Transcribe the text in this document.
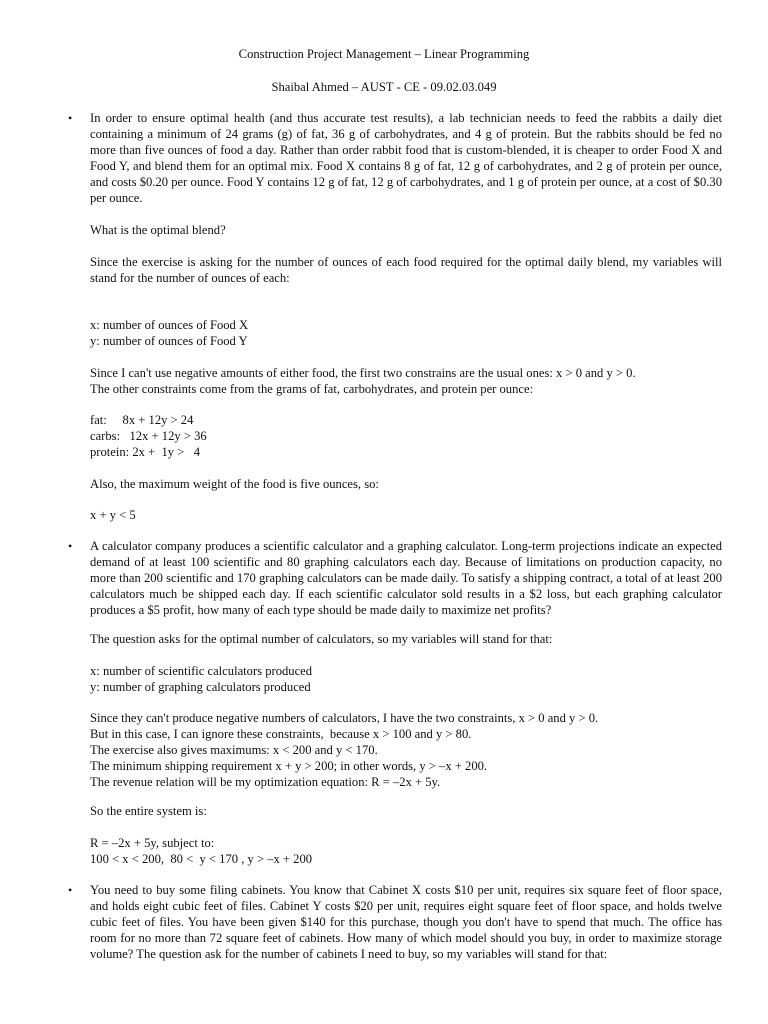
Construction Project Management – Linear Programming
Shaibal Ahmed – AUST - CE - 09.02.03.049
• In order to ensure optimal health (and thus accurate test results), a lab technician needs to feed the rabbits a daily diet containing a minimum of 24 grams (g) of fat, 36 g of carbohydrates, and 4 g of protein. But the rabbits should be fed no more than five ounces of food a day. Rather than order rabbit food that is custom-blended, it is cheaper to order Food X and Food Y, and blend them for an optimal mix. Food X contains 8 g of fat, 12 g of carbohydrates, and 2 g of protein per ounce, and costs $0.20 per ounce. Food Y contains 12 g of fat, 12 g of carbohydrates, and 1 g of protein per ounce, at a cost of $0.30 per ounce.
What is the optimal blend?
Since the exercise is asking for the number of ounces of each food required for the optimal daily blend, my variables will stand for the number of ounces of each:
x: number of ounces of Food X
y: number of ounces of Food Y
Since I can't use negative amounts of either food, the first two constrains are the usual ones: x > 0 and y > 0.
The other constraints come from the grams of fat, carbohydrates, and protein per ounce:
fat:     8x + 12y > 24
carbs:   12x + 12y > 36
protein: 2x +  1y >   4
Also, the maximum weight of the food is five ounces, so:
x + y < 5
• A calculator company produces a scientific calculator and a graphing calculator. Long-term projections indicate an expected demand of at least 100 scientific and 80 graphing calculators each day. Because of limitations on production capacity, no more than 200 scientific and 170 graphing calculators can be made daily. To satisfy a shipping contract, a total of at least 200 calculators much be shipped each day. If each scientific calculator sold results in a $2 loss, but each graphing calculator produces a $5 profit, how many of each type should be made daily to maximize net profits?
The question asks for the optimal number of calculators, so my variables will stand for that:
x: number of scientific calculators produced
y: number of graphing calculators produced
Since they can't produce negative numbers of calculators, I have the two constraints, x > 0 and y > 0.
But in this case, I can ignore these constraints,  because x > 100 and y > 80.
The exercise also gives maximums: x < 200 and y < 170.
The minimum shipping requirement x + y > 200; in other words, y > –x + 200.
The revenue relation will be my optimization equation: R = –2x + 5y.
So the entire system is:
R = –2x + 5y, subject to:
100 < x < 200,  80 <  y < 170 , y > –x + 200
• You need to buy some filing cabinets. You know that Cabinet X costs $10 per unit, requires six square feet of floor space, and holds eight cubic feet of files. Cabinet Y costs $20 per unit, requires eight square feet of floor space, and holds twelve cubic feet of files. You have been given $140 for this purchase, though you don't have to spend that much. The office has room for no more than 72 square feet of cabinets. How many of which model should you buy, in order to maximize storage volume? The question ask for the number of cabinets I need to buy, so my variables will stand for that:
